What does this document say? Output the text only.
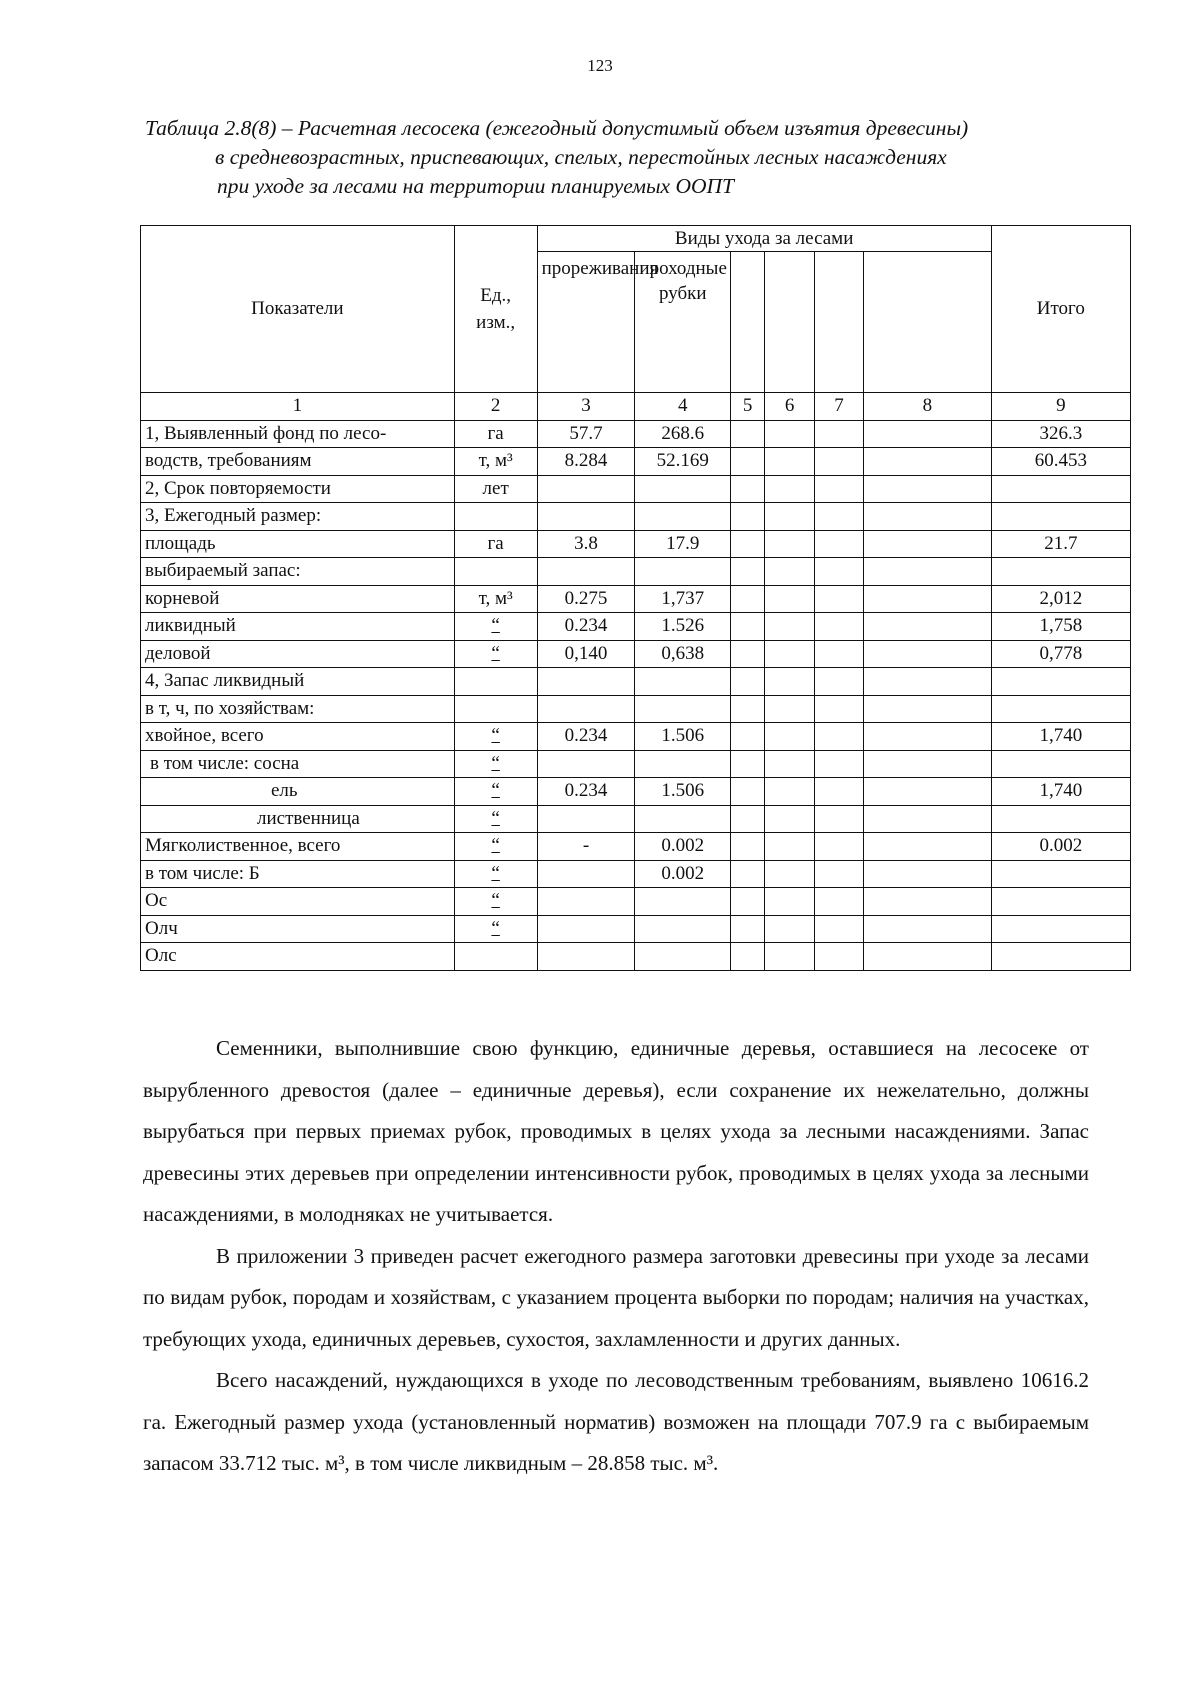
123
Таблица 2.8(8) – Расчетная лесосека (ежегодный допустимый объем изъятия древесины)
в средневозрастных, приспевающих, спелых, перестойных лесных насаждениях
при уходе за лесами на территории планируемых ООПТ
Показатели	Ед., изм.,	Виды ухода за лесами						Итого
		прореживания	проходные рубки					
1	2	3	4	5	6	7	8	9
1, Выявленный фонд по лесо-	га	57.7	268.6					326.3
водств, требованиям	т, м³	8.284	52.169					60.453
2, Срок повторяемости	лет							
3, Ежегодный размер:								
площадь	га	3.8	17.9					21.7
выбираемый запас:								
корневой	т, м³	0.275	1,737					2,012
ликвидный	“	0.234	1.526					1,758
деловой	“	0,140	0,638					0,778
4, Запас ликвидный								
в т, ч, по хозяйствам:								
хвойное, всего	“	0.234	1.506					1,740
в том числе: сосна	“							
ель	“	0.234	1.506					1,740
лиственница	“							
Мягколиственное, всего	“	-	0.002					0.002
в том числе: Б	“		0.002					
Ос	“							
Олч	“							
Олс								

Семенники, выполнившие свою функцию, единичные деревья, оставшиеся на лесосеке от вырубленного древостоя (далее – единичные деревья), если сохранение их нежелательно, должны вырубаться при первых приемах рубок, проводимых в целях ухода за лесными насаждениями. Запас древесины этих деревьев при определении интенсивности рубок, проводимых в целях ухода за лесными насаждениями, в молодняках не учитывается.

В приложении 3 приведен расчет ежегодного размера заготовки древесины при уходе за лесами по видам рубок, породам и хозяйствам, с указанием процента выборки по породам; наличия на участках, требующих ухода, единичных деревьев, сухостоя, захламленности и других данных.

Всего насаждений, нуждающихся в уходе по лесоводственным требованиям, выявлено 10616.2 га. Ежегодный размер ухода (установленный норматив) возможен на площади 707.9 га с выбираемым запасом 33.712 тыс. м³, в том числе ликвидным – 28.858 тыс. м³.
